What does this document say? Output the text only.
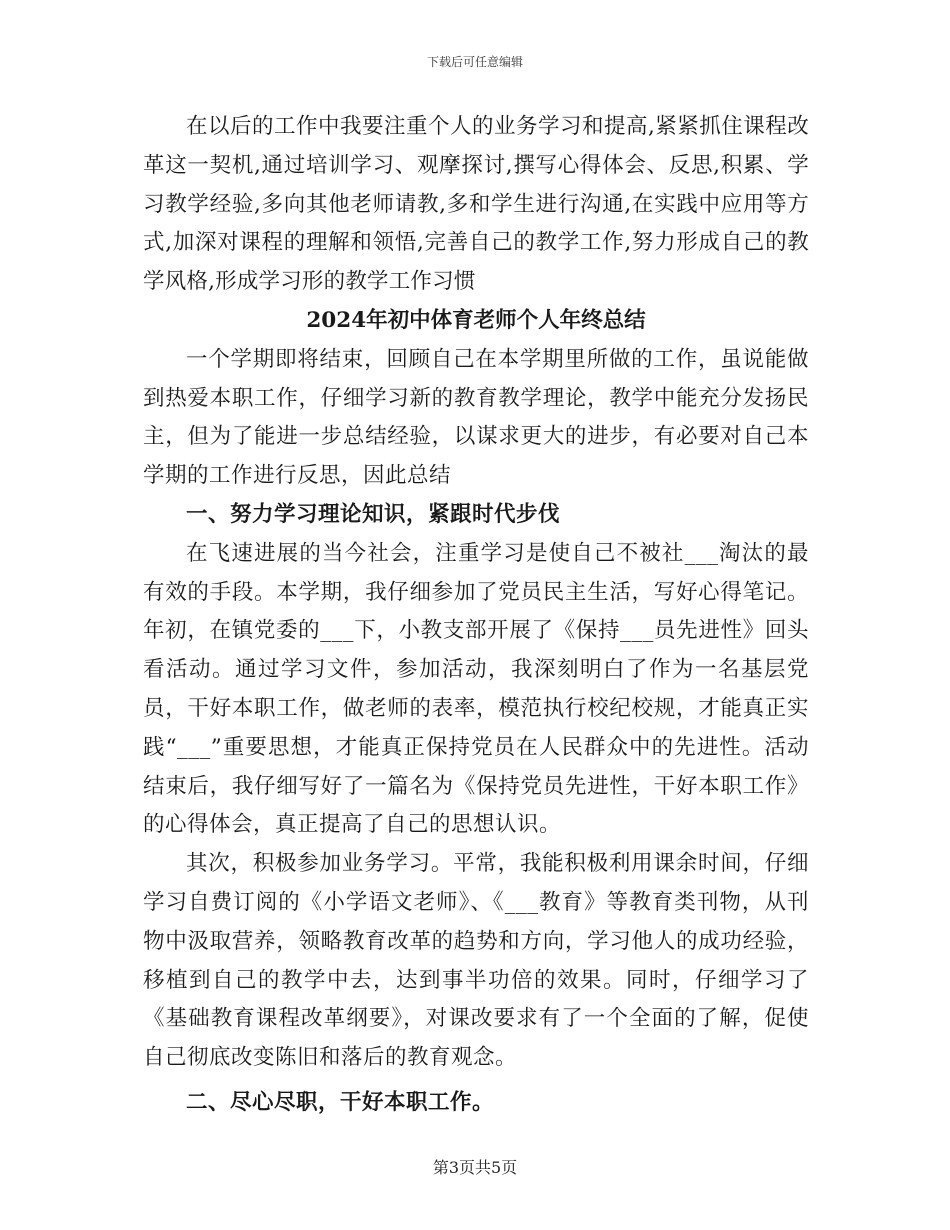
下载后可任意编辑

在以后的工作中我要注重个人的业务学习和提高,紧紧抓住课程改革这一契机,通过培训学习、观摩探讨,撰写心得体会、反思,积累、学习教学经验,多向其他老师请教,多和学生进行沟通,在实践中应用等方式,加深对课程的理解和领悟,完善自己的教学工作,努力形成自己的教学风格,形成学习形的教学工作习惯

2024年初中体育老师个人年终总结

一个学期即将结束，回顾自己在本学期里所做的工作，虽说能做到热爱本职工作，仔细学习新的教育教学理论，教学中能充分发扬民主，但为了能进一步总结经验，以谋求更大的进步，有必要对自己本学期的工作进行反思，因此总结

一、努力学习理论知识，紧跟时代步伐

在飞速进展的当今社会，注重学习是使自己不被社___淘汰的最有效的手段。本学期，我仔细参加了党员民主生活，写好心得笔记。年初，在镇党委的___下，小教支部开展了《保持___员先进性》回头看活动。通过学习文件，参加活动，我深刻明白了作为一名基层党员，干好本职工作，做老师的表率，模范执行校纪校规，才能真正实践“___”重要思想，才能真正保持党员在人民群众中的先进性。活动结束后，我仔细写好了一篇名为《保持党员先进性，干好本职工作》的心得体会，真正提高了自己的思想认识。

其次，积极参加业务学习。平常，我能积极利用课余时间，仔细学习自费订阅的《小学语文老师》、《___教育》等教育类刊物，从刊物中汲取营养，领略教育改革的趋势和方向，学习他人的成功经验，移植到自己的教学中去，达到事半功倍的效果。同时，仔细学习了《基础教育课程改革纲要》，对课改要求有了一个全面的了解，促使自己彻底改变陈旧和落后的教育观念。

二、尽心尽职，干好本职工作。
第3页共5页
